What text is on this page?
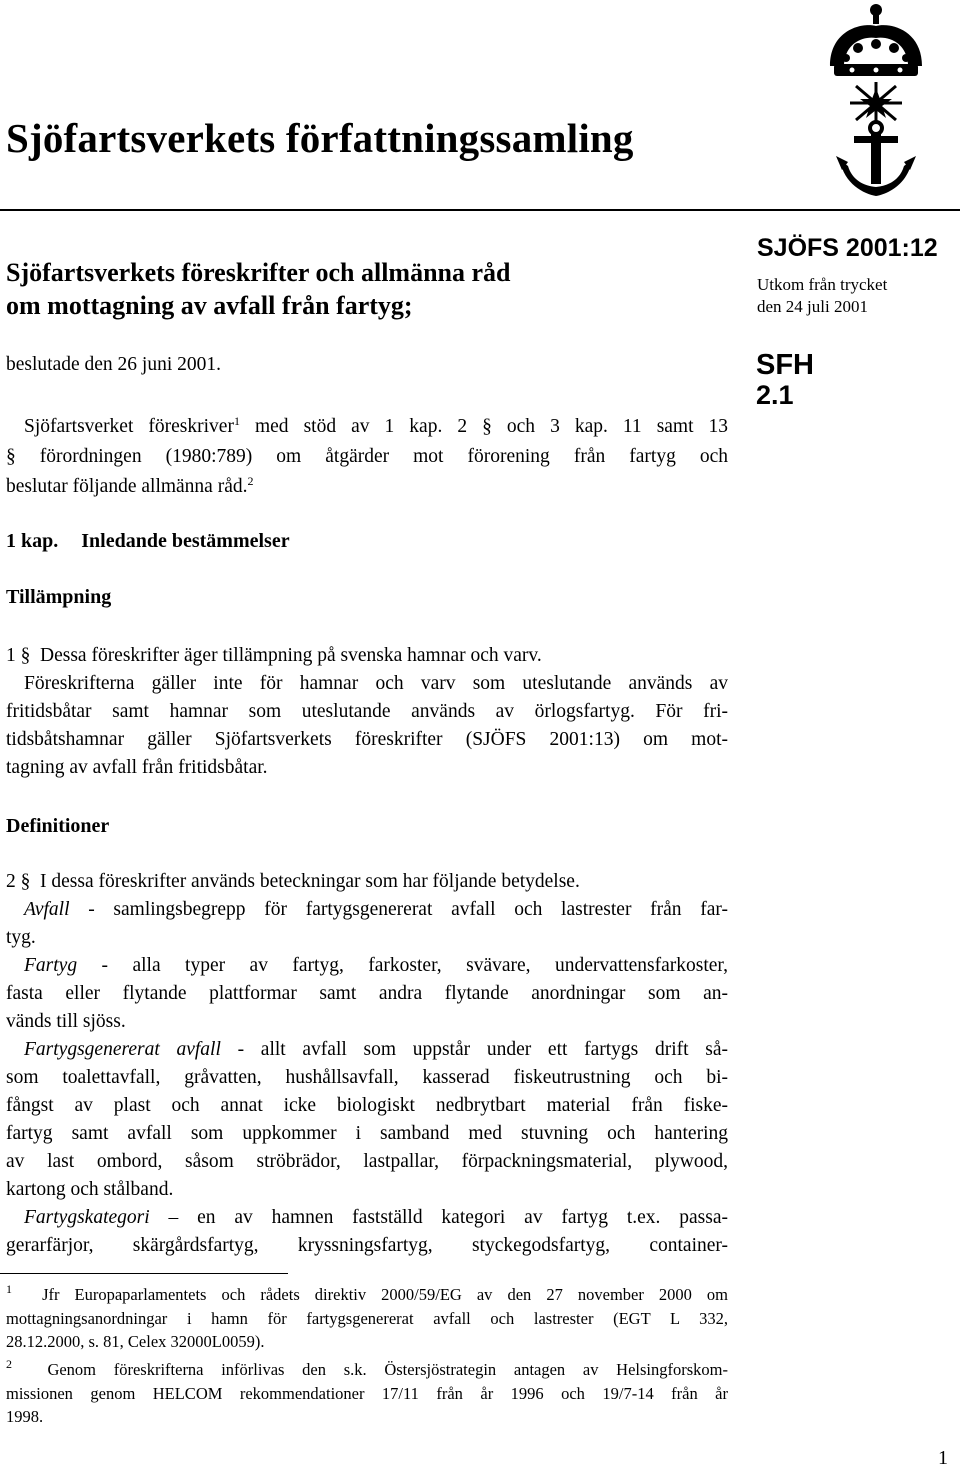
Sjöfartsverkets författningssamling
Sjöfartsverkets föreskrifter och allmänna råd
om mottagning av avfall från fartyg;
SJÖFS 2001:12
Utkom från trycket
den 24 juli 2001
SFH
2.1
beslutade den 26 juni 2001.
Sjöfartsverket föreskriver$^1$ med stöd av 1 kap. 2 § och 3 kap. 11 samt 13
§ förordningen (1980:789) om åtgärder mot förorening från fartyg och
beslutar följande allmänna råd.$^2$
1 kap. Inledande bestämmelser
Tillämpning
1 § Dessa föreskrifter äger tillämpning på svenska hamnar och varv.
Föreskrifterna gäller inte för hamnar och varv som uteslutande används av
fritidsbåtar samt hamnar som uteslutande används av örlogsfartyg. För fri-
tidsbåtshamnar gäller Sjöfartsverkets föreskrifter (SJÖFS 2001:13) om mot-
tagning av avfall från fritidsbåtar.
Definitioner
2 § I dessa föreskrifter används beteckningar som har följande betydelse.
Avfall - samlingsbegrepp för fartygsgenererat avfall och lastrester från far-
tyg.
Fartyg - alla typer av fartyg, farkoster, svävare, undervattensfarkoster,
fasta eller flytande plattformar samt andra flytande anordningar som an-
vänds till sjöss.
Fartygsgenererat avfall - allt avfall som uppstår under ett fartygs drift så-
som toalettavfall, gråvatten, hushållsavfall, kasserad fiskeutrustning och bi-
fångst av plast och annat icke biologiskt nedbrytbart material från fiske-
fartyg samt avfall som uppkommer i samband med stuvning och hantering
av last ombord, såsom ströbrädor, lastpallar, förpackningsmaterial, plywood,
kartong och stålband.
Fartygskategori – en av hamnen fastställd kategori av fartyg t.ex. passa-
gerarfärjor, skärgårdsfartyg, kryssningsfartyg, styckegodsfartyg, container-
$^1$ Jfr Europaparlamentets och rådets direktiv 2000/59/EG av den 27 november 2000 om
mottagningsanordningar i hamn för fartygsgenererat avfall och lastrester (EGT L 332,
28.12.2000, s. 81, Celex 32000L0059).
$^2$ Genom föreskrifterna införlivas den s.k. Östersjöstrategin antagen av Helsingforskom-
missionen genom HELCOM rekommendationer 17/11 från år 1996 och 19/7-14 från år
1998.
1
